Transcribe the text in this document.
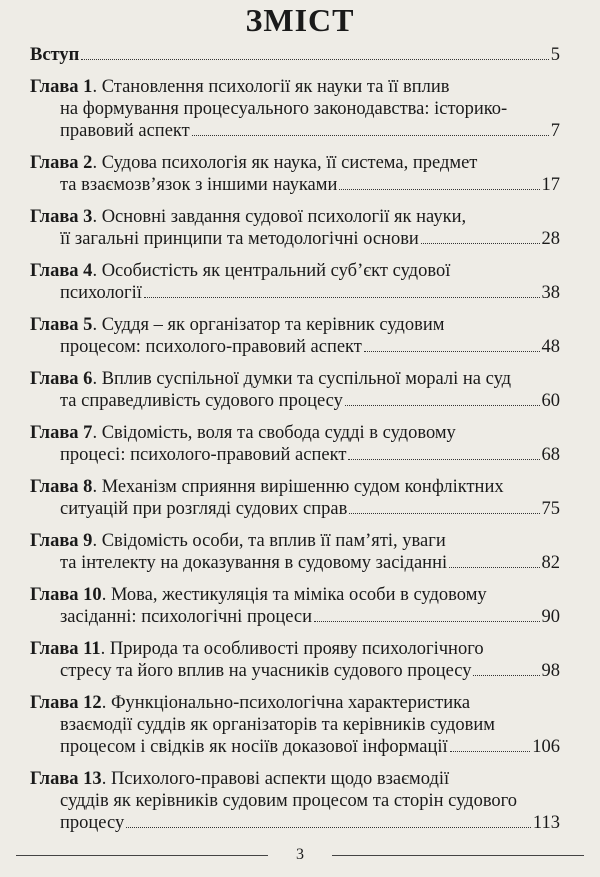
ЗМІСТ
Вступ	5
Глава 1. Становлення психології як науки та її вплив
на формування процесуального законодавства: історико-
правовий аспект	7
Глава 2. Судова психологія як наука, її система, предмет
та взаємозв’язок з іншими науками	17
Глава 3. Основні завдання судової психології як науки,
її загальні принципи та методологічні основи	28
Глава 4. Особистість як центральний суб’єкт судової
психології	38
Глава 5. Суддя – як організатор та керівник судовим
процесом: психолого-правовий аспект	48
Глава 6. Вплив суспільної думки та суспільної моралі на суд
та справедливість судового процесу	60
Глава 7. Свідомість, воля та свобода судді в судовому
процесі: психолого-правовий аспект	68
Глава 8. Механізм сприяння вирішенню судом конфліктних
ситуацій при розгляді судових справ	75
Глава 9. Свідомість особи, та вплив її пам’яті, уваги
та інтелекту на доказування в судовому засіданні	82
Глава 10. Мова, жестикуляція та міміка особи в судовому
засіданні: психологічні процеси	90
Глава 11. Природа та особливості прояву психологічного
стресу та його вплив на учасників судового процесу	98
Глава 12. Функціонально-психологічна характеристика
взаємодії суддів як організаторів та керівників судовим
процесом і свідків як носіїв доказової інформації	106
Глава 13. Психолого-правові аспекти щодо взаємодії
суддів як керівників судовим процесом та сторін судового
процесу	113
3
